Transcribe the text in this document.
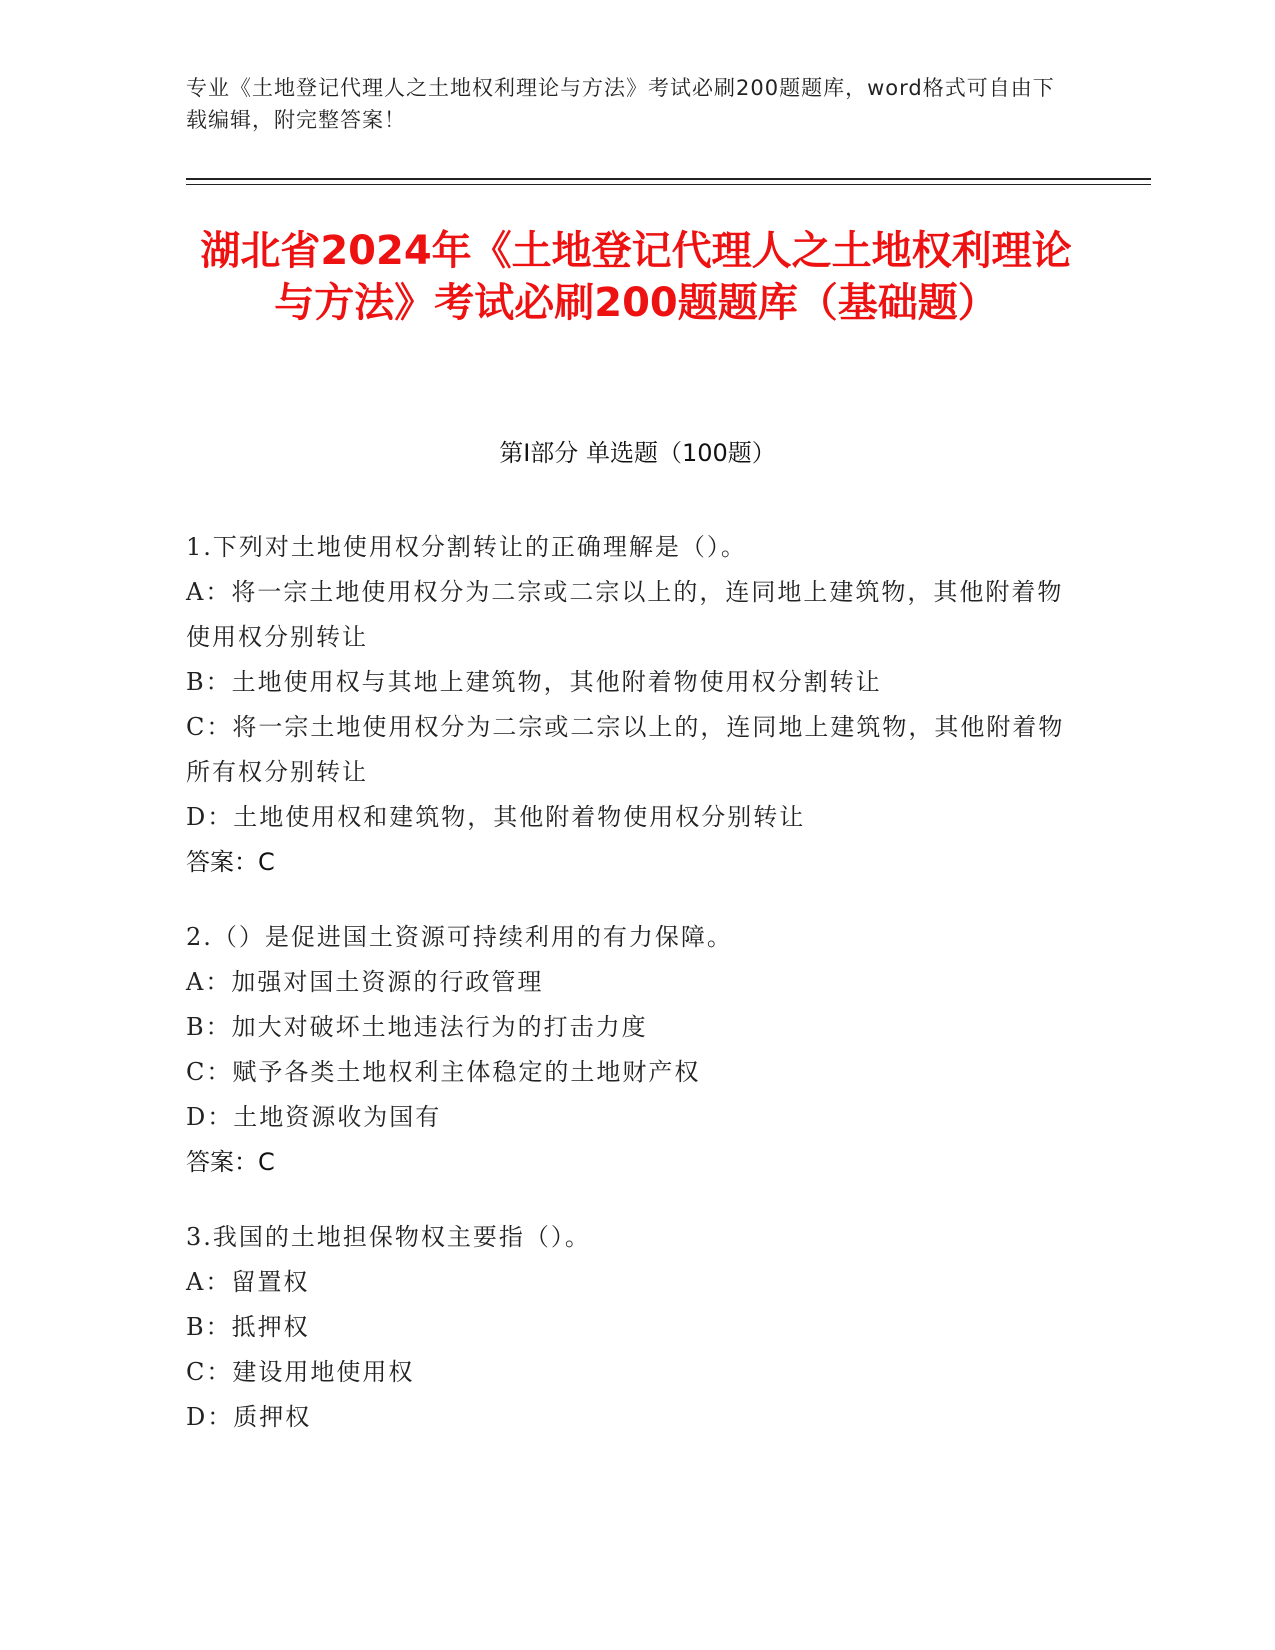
专业《土地登记代理人之土地权利理论与方法》考试必刷200题题库，word格式可自由下载编辑，附完整答案！
湖北省2024年《土地登记代理人之土地权利理论与方法》考试必刷200题题库（基础题）
第I部分 单选题（100题）
1.下列对土地使用权分割转让的正确理解是（）。
A：将一宗土地使用权分为二宗或二宗以上的，连同地上建筑物，其他附着物使用权分别转让
B：土地使用权与其地上建筑物，其他附着物使用权分割转让
C：将一宗土地使用权分为二宗或二宗以上的，连同地上建筑物，其他附着物所有权分别转让
D：土地使用权和建筑物，其他附着物使用权分别转让
答案：C
2.（）是促进国土资源可持续利用的有力保障。
A：加强对国土资源的行政管理
B：加大对破坏土地违法行为的打击力度
C：赋予各类土地权利主体稳定的土地财产权
D：土地资源收为国有
答案：C
3.我国的土地担保物权主要指（）。
A：留置权
B：抵押权
C：建设用地使用权
D：质押权
